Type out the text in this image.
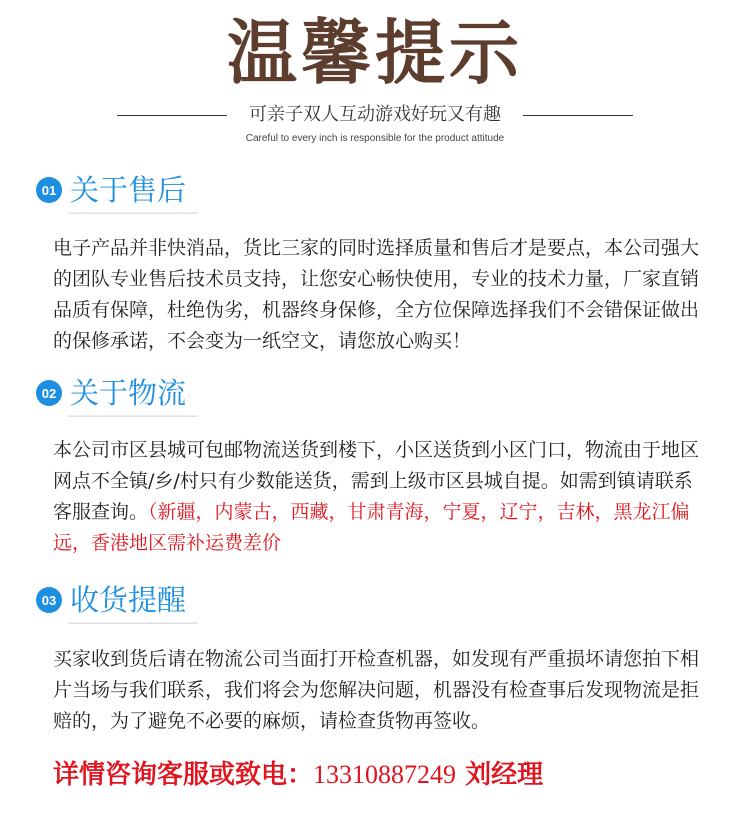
温馨提示
可亲子双人互动游戏好玩又有趣
Careful to every inch is responsible for the product attitude
01 关于售后
▪▪▪▪▪▪▪▪▪▪▪▪▪▪▪▪▪▪▪▪▪▪▪▪▪▪▪▪▪▪▪▪▪▪▪▪▪▪▪▪▪▪▪▪▪▪▪▪▪▪▪▪▪▪▪▪▪▪▪▪▪▪▪▪▪▪▪▪▪▪▪▪▪▪▪▪▪▪▪▪▪▪▪▪▪▪▪▪▪▪▪▪▪▪▪▪▪▪▪▪▪▪▪▪▪▪▪▪▪▪▪▪▪▪▪▪▪▪▪▪▪▪
电子产品并非快消品，货比三家的同时选择质量和售后才是要点，本公司强大的团队专业售后技术员支持，让您安心畅快使用，专业的技术力量，厂家直销品质有保障，杜绝伪劣，机器终身保修，全方位保障选择我们不会错保证做出的保修承诺，不会变为一纸空文，请您放心购买！
02 关于物流
▪▪▪▪▪▪▪▪▪▪▪▪▪▪▪▪▪▪▪▪▪▪▪▪▪▪▪▪▪▪▪▪▪▪▪▪▪▪▪▪▪▪▪▪▪▪▪▪▪▪▪▪▪▪▪▪▪▪▪▪▪▪▪▪▪▪▪▪▪▪▪▪▪▪▪▪▪▪▪▪▪▪▪▪▪▪▪▪▪▪▪▪▪▪▪▪▪▪▪▪▪▪▪▪▪▪▪▪▪▪▪▪▪▪▪▪▪▪▪▪▪▪
本公司市区县城可包邮物流送货到楼下，小区送货到小区门口，物流由于地区网点不全镇/乡/村只有少数能送货，需到上级市区县城自提。如需到镇请联系客服查询。（新疆，内蒙古，西藏，甘肃青海，宁夏，辽宁，吉林，黑龙江偏远，香港地区需补运费差价
03 收货提醒
▪▪▪▪▪▪▪▪▪▪▪▪▪▪▪▪▪▪▪▪▪▪▪▪▪▪▪▪▪▪▪▪▪▪▪▪▪▪▪▪▪▪▪▪▪▪▪▪▪▪▪▪▪▪▪▪▪▪▪▪▪▪▪▪▪▪▪▪▪▪▪▪▪▪▪▪▪▪▪▪▪▪▪▪▪▪▪▪▪▪▪▪▪▪▪▪▪▪▪▪▪▪▪▪▪▪▪▪▪▪▪▪▪▪▪▪▪▪▪▪▪▪
买家收到货后请在物流公司当面打开检查机器，如发现有严重损坏请您拍下相片当场与我们联系，我们将会为您解决问题，机器没有检查事后发现物流是拒赔的，为了避免不必要的麻烦，请检查货物再签收。
详情咨询客服或致电：13310887249 刘经理
